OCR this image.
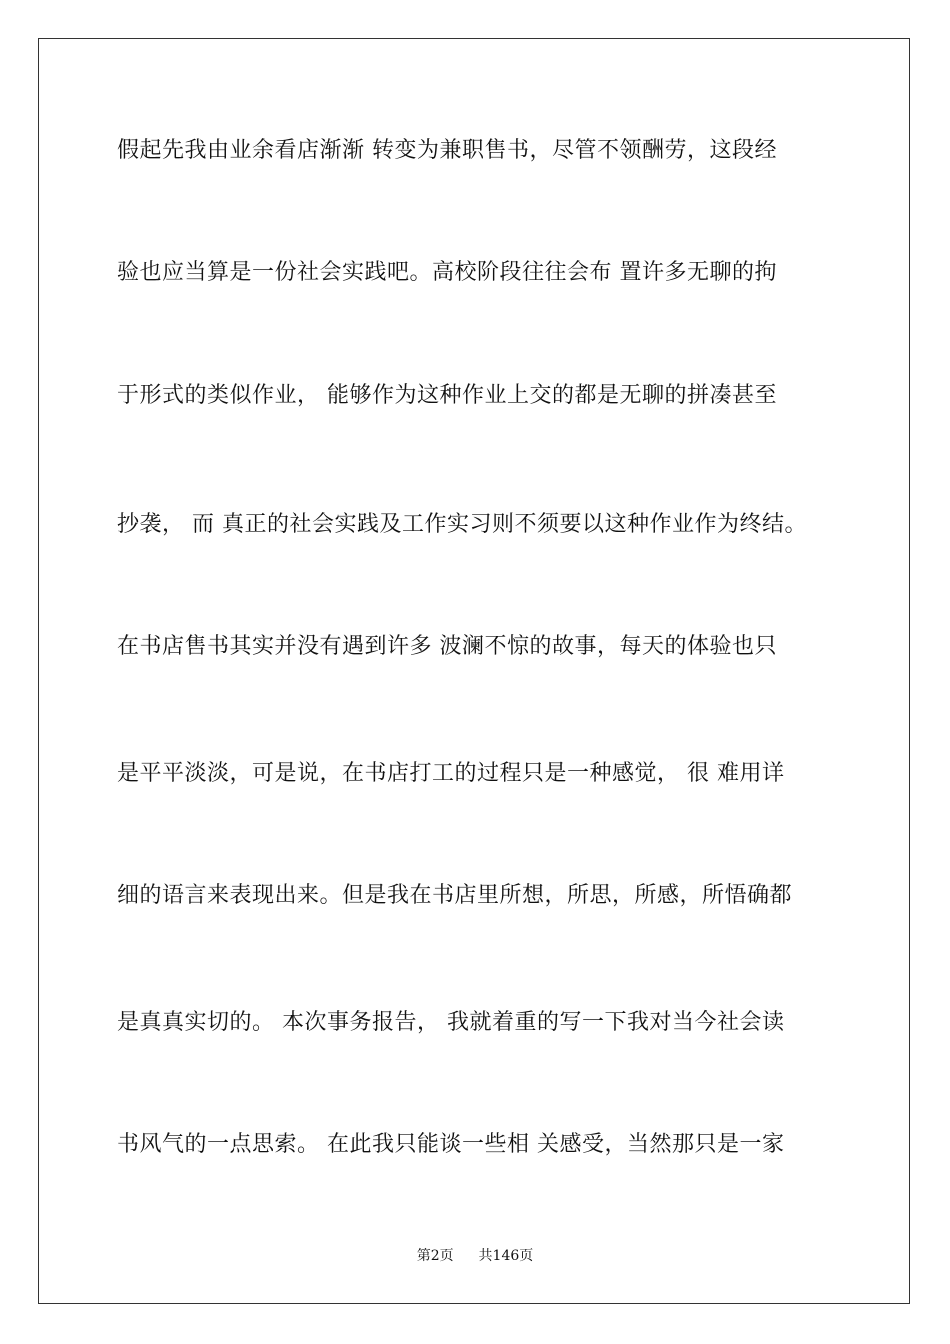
假起先我由业余看店渐渐 转变为兼职售书，尽管不领酬劳，这段经
验也应当算是一份社会实践吧。高校阶段往往会布 置许多无聊的拘
于形式的类似作业， 能够作为这种作业上交的都是无聊的拼凑甚至
抄袭， 而 真正的社会实践及工作实习则不须要以这种作业作为终结。
在书店售书其实并没有遇到许多 波澜不惊的故事，每天的体验也只
是平平淡淡，可是说，在书店打工的过程只是一种感觉， 很 难用详
细的语言来表现出来。但是我在书店里所想，所思，所感，所悟确都
是真真实切的。 本次事务报告， 我就着重的写一下我对当今社会读
书风气的一点思索。 在此我只能谈一些相 关感受，当然那只是一家
第2页 共146页
